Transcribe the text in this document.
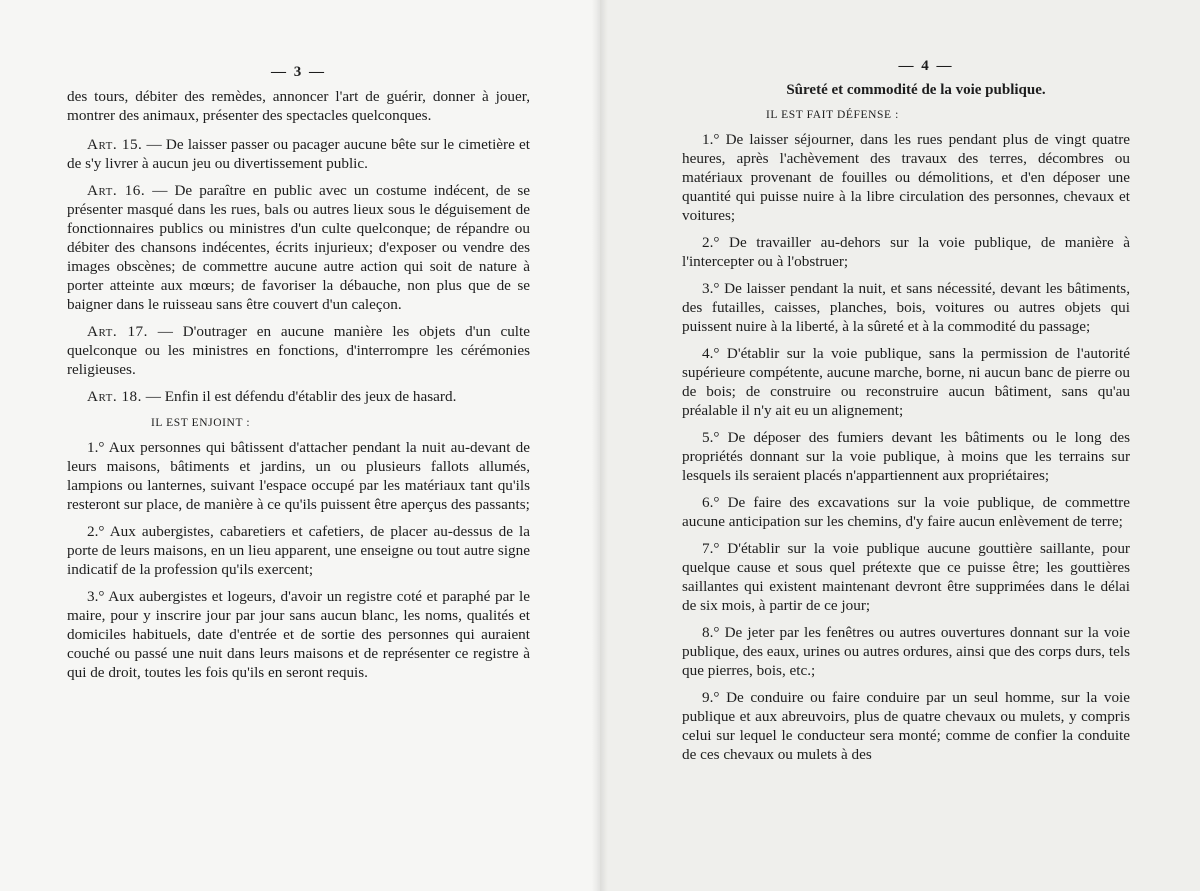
— 3 —

des tours, débiter des remèdes, annoncer l'art de guérir, donner à jouer, montrer des animaux, présenter des spectacles quelconques.

Art. 15. — De laisser passer ou pacager aucune bête sur le cimetière et de s'y livrer à aucun jeu ou divertissement public.

Art. 16. — De paraître en public avec un costume indécent, de se présenter masqué dans les rues, bals ou autres lieux sous le déguisement de fonctionnaires publics ou ministres d'un culte quelconque; de répandre ou débiter des chansons indécentes, écrits injurieux; d'exposer ou vendre des images obscènes; de commettre aucune autre action qui soit de nature à porter atteinte aux mœurs; de favoriser la débauche, non plus que de se baigner dans le ruisseau sans être couvert d'un caleçon.

Art. 17. — D'outrager en aucune manière les objets d'un culte quelconque ou les ministres en fonctions, d'interrompre les cérémonies religieuses.

Art. 18. — Enfin il est défendu d'établir des jeux de hasard.

IL EST ENJOINT :

1.° Aux personnes qui bâtissent d'attacher pendant la nuit au-devant de leurs maisons, bâtiments et jardins, un ou plusieurs fallots allumés, lampions ou lanternes, suivant l'espace occupé par les matériaux tant qu'ils resteront sur place, de manière à ce qu'ils puissent être aperçus des passants;

2.° Aux aubergistes, cabaretiers et cafetiers, de placer au-dessus de la porte de leurs maisons, en un lieu apparent, une enseigne ou tout autre signe indicatif de la profession qu'ils exercent;

3.° Aux aubergistes et logeurs, d'avoir un registre coté et paraphé par le maire, pour y inscrire jour par jour sans aucun blanc, les noms, qualités et domiciles habituels, date d'entrée et de sortie des personnes qui auraient couché ou passé une nuit dans leurs maisons et de représenter ce registre à qui de droit, toutes les fois qu'ils en seront requis.

— 4 —
Sûreté et commodité de la voie publique.
IL EST FAIT DÉFENSE :

1.° De laisser séjourner, dans les rues pendant plus de vingt quatre heures, après l'achèvement des travaux des terres, décombres ou matériaux provenant de fouilles ou démolitions, et d'en déposer une quantité qui puisse nuire à la libre circulation des personnes, chevaux et voitures;

2.° De travailler au-dehors sur la voie publique, de manière à l'intercepter ou à l'obstruer;

3.° De laisser pendant la nuit, et sans nécessité, devant les bâtiments, des futailles, caisses, planches, bois, voitures ou autres objets qui puissent nuire à la liberté, à la sûreté et à la commodité du passage;

4.° D'établir sur la voie publique, sans la permission de l'autorité supérieure compétente, aucune marche, borne, ni aucun banc de pierre ou de bois; de construire ou reconstruire aucun bâtiment, sans qu'au préalable il n'y ait eu un alignement;

5.° De déposer des fumiers devant les bâtiments ou le long des propriétés donnant sur la voie publique, à moins que les terrains sur lesquels ils seraient placés n'appartiennent aux propriétaires;

6.° De faire des excavations sur la voie publique, de commettre aucune anticipation sur les chemins, d'y faire aucun enlèvement de terre;

7.° D'établir sur la voie publique aucune gouttière saillante, pour quelque cause et sous quel prétexte que ce puisse être; les gouttières saillantes qui existent maintenant devront être supprimées dans le délai de six mois, à partir de ce jour;

8.° De jeter par les fenêtres ou autres ouvertures donnant sur la voie publique, des eaux, urines ou autres ordures, ainsi que des corps durs, tels que pierres, bois, etc.;

9.° De conduire ou faire conduire par un seul homme, sur la voie publique et aux abreuvoirs, plus de quatre chevaux ou mulets, y compris celui sur lequel le conducteur sera monté; comme de confier la conduite de ces chevaux ou mulets à des
